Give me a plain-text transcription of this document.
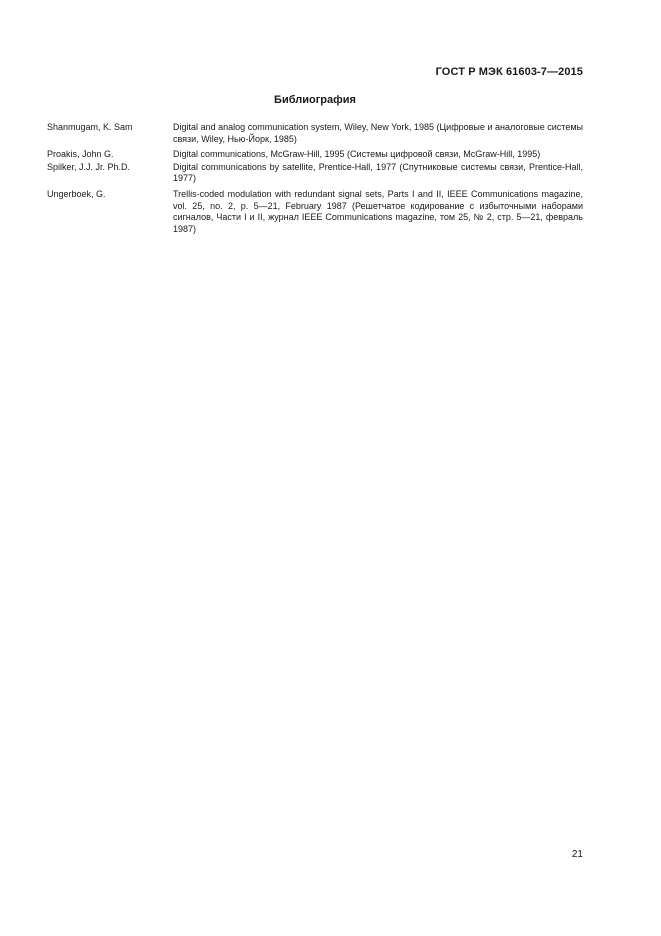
ГОСТ Р МЭК 61603-7—2015
Библиография
Shanmugam, K. Sam	Digital and analog communication system, Wiley, New York, 1985 (Цифровые и аналоговые системы связи, Wiley, Нью-Йорк, 1985)
Proakis, John G.	Digital communications, McGraw-Hill, 1995 (Системы цифровой связи, McGraw-Hill, 1995)
Spilker, J.J. Jr. Ph.D.	Digital communications by satellite, Prentice-Hall, 1977 (Спутниковые системы связи, Prentice-Hall, 1977)
Ungerboek, G.	Trellis-coded modulation with redundant signal sets, Parts I and II, IEEE Communications magazine, vol. 25, no. 2, p. 5—21, February 1987 (Решетчатое кодирование с избыточными наборами сигналов, Части I и II, журнал IEEE Communications magazine, том 25, № 2, стр. 5—21, февраль 1987)
21
